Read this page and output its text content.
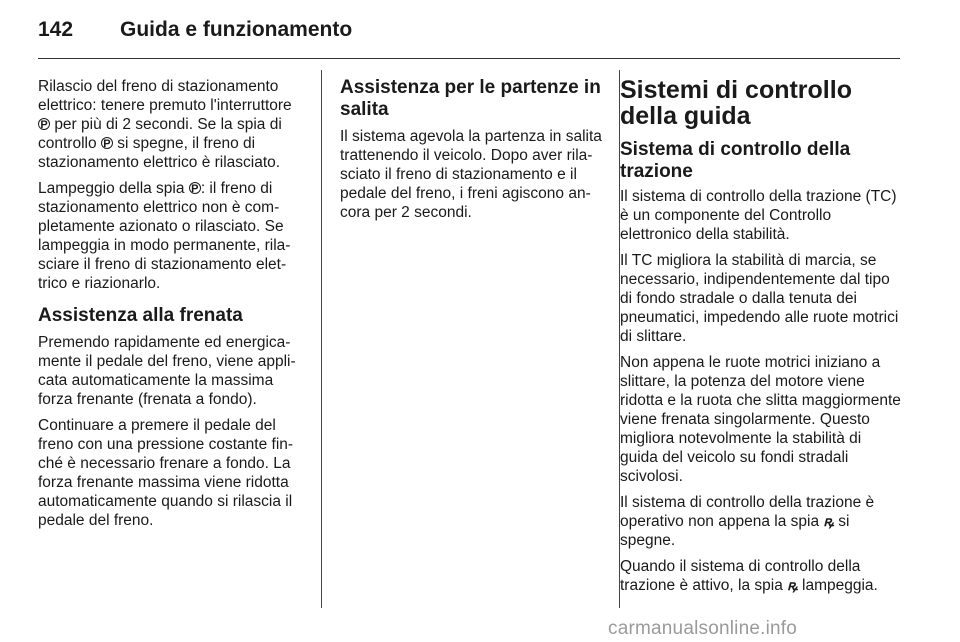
142 Guida e funzionamento

Rilascio del freno di stazionamento elettrico: tenere premuto l'interruttore P per più di 2 secondi. Se la spia di controllo P si spegne, il freno di stazionamento elettrico è rilasciato.

Lampeggio della spia P : il freno di stazionamento elettrico non è completamente azionato o rilasciato. Se lampeggia in modo permanente, rilasciare il freno di stazionamento elettrico e riazionarlo.

Assistenza alla frenata

Premendo rapidamente ed energicamente il pedale del freno, viene applicata automaticamente la massima forza frenante (frenata a fondo).

Continuare a premere il pedale del freno con una pressione costante finché è necessario frenare a fondo. La forza frenante massima viene ridotta automaticamente quando si rilascia il pedale del freno.

Assistenza per le partenze in salita

Il sistema agevola la partenza in salita trattenendo il veicolo. Dopo aver rilasciato il freno di stazionamento e il pedale del freno, i freni agiscono ancora per 2 secondi.

Sistemi di controllo della guida
Sistema di controllo della trazione

Il sistema di controllo della trazione (TC) è un componente del Controllo elettronico della stabilità.

Il TC migliora la stabilità di marcia, se necessario, indipendentemente dal tipo di fondo stradale o dalla tenuta dei pneumatici, impedendo alle ruote motrici di slittare.

Non appena le ruote motrici iniziano a slittare, la potenza del motore viene ridotta e la ruota che slitta maggiormente viene frenata singolarmente. Questo migliora notevolmente la stabilità di guida del veicolo su fondi stradali scivolosi.

Il sistema di controllo della trazione è operativo non appena la spia ꝶ si spegne.

Quando il sistema di controllo della trazione è attivo, la spia ꝶ lampeggia.

carmanualsonline.info
